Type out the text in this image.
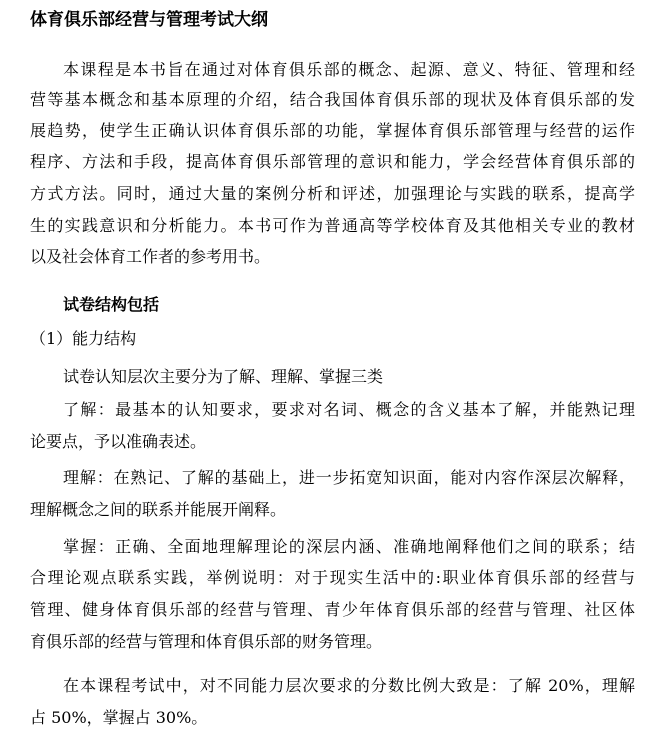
体育俱乐部经营与管理考试大纲
本课程是本书旨在通过对体育俱乐部的概念、起源、意义、特征、管理和经
营等基本概念和基本原理的介绍，结合我国体育俱乐部的现状及体育俱乐部的发
展趋势，使学生正确认识体育俱乐部的功能，掌握体育俱乐部管理与经营的运作
程序、方法和手段，提高体育俱乐部管理的意识和能力，学会经营体育俱乐部的
方式方法。同时，通过大量的案例分析和评述，加强理论与实践的联系，提高学
生的实践意识和分析能力。本书可作为普通高等学校体育及其他相关专业的教材
以及社会体育工作者的参考用书。
试卷结构包括
（1）能力结构
试卷认知层次主要分为了解、理解、掌握三类
了解：最基本的认知要求，要求对名词、概念的含义基本了解，并能熟记理
论要点，予以准确表述。
理解：在熟记、了解的基础上，进一步拓宽知识面，能对内容作深层次解释，
理解概念之间的联系并能展开阐释。
掌握：正确、全面地理解理论的深层内涵、准确地阐释他们之间的联系；结
合理论观点联系实践，举例说明：对于现实生活中的:职业体育俱乐部的经营与
管理、健身体育俱乐部的经营与管理、青少年体育俱乐部的经营与管理、社区体
育俱乐部的经营与管理和体育俱乐部的财务管理。
在本课程考试中，对不同能力层次要求的分数比例大致是：了解 20%，理解
占 50%，掌握占 30%。
